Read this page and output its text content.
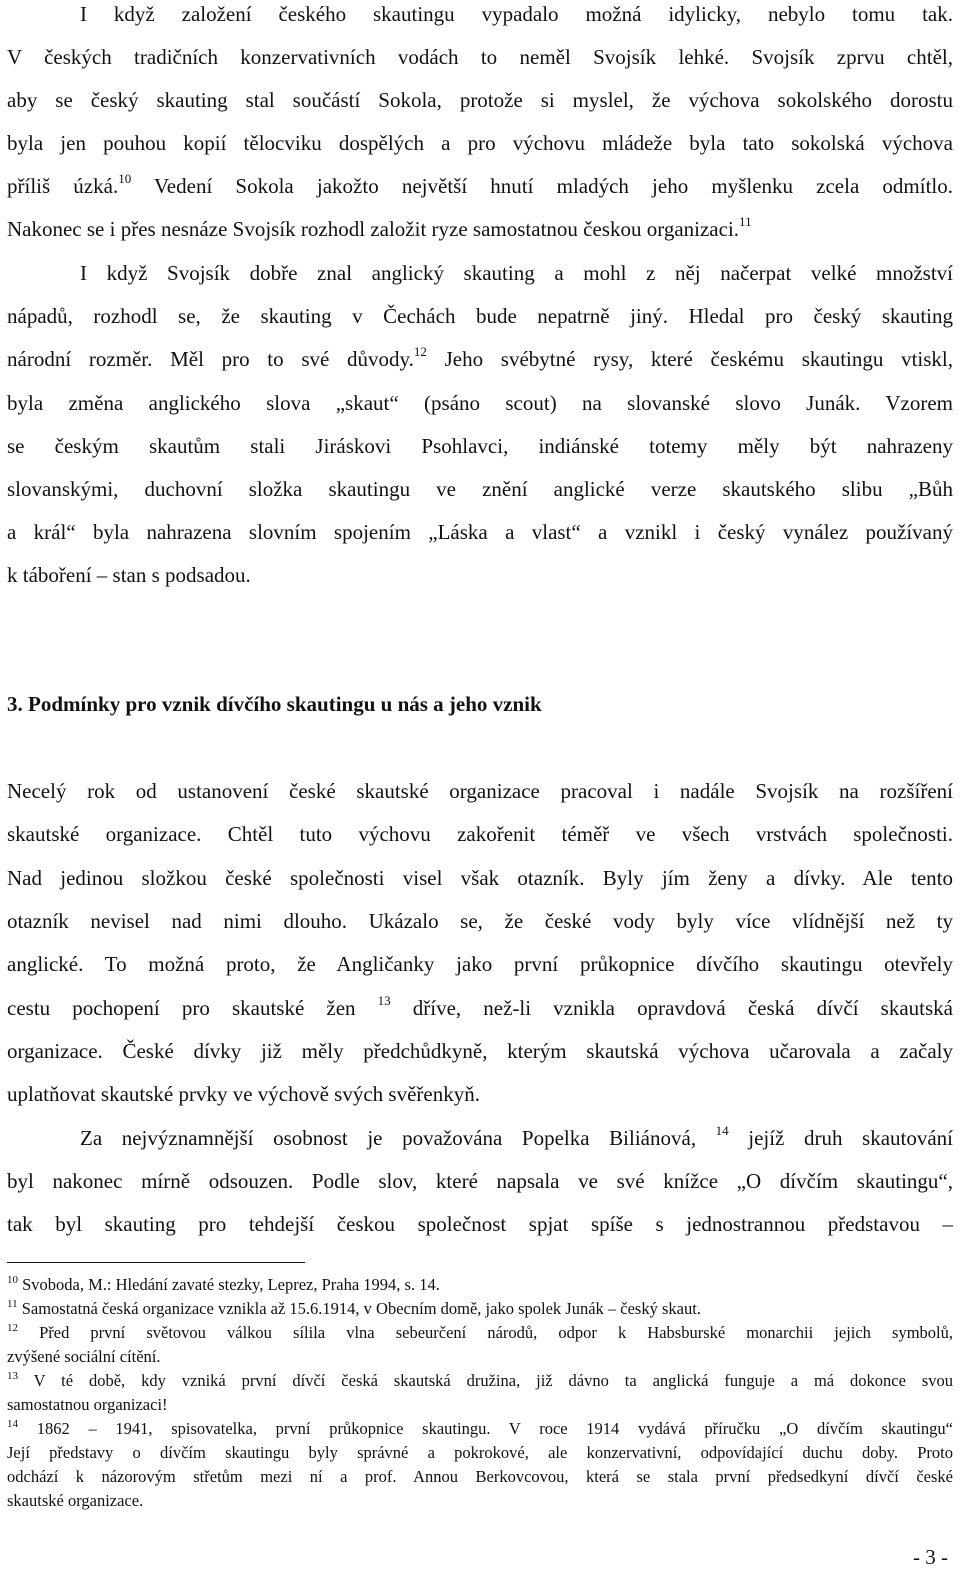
I když založení českého skautingu vypadalo možná idylicky, nebylo tomu tak.
V českých tradičních konzervativních vodách to neměl Svojsík lehké. Svojsík zprvu chtěl,
aby se český skauting stal součástí Sokola, protože si myslel, že výchova sokolského dorostu
byla jen pouhou kopií tělocviku dospělých a pro výchovu mládeže byla tato sokolská výchova
příliš úzká.$^{10}$ Vedení Sokola jakožto největší hnutí mladých jeho myšlenku zcela odmítlo.
Nakonec se i přes nesnáze Svojsík rozhodl založit ryze samostatnou českou organizaci.$^{11}$
I když Svojsík dobře znal anglický skauting a mohl z něj načerpat velké množství
nápadů, rozhodl se, že skauting v Čechách bude nepatrně jiný. Hledal pro český skauting
národní rozměr. Měl pro to své důvody.$^{12}$ Jeho svébytné rysy, které českému skautingu vtiskl,
byla změna anglického slova „skaut“ (psáno scout) na slovanské slovo Junák. Vzorem
se českým skautům stali Jiráskovi Psohlavci, indiánské totemy měly být nahrazeny
slovanskými, duchovní složka skautingu ve znění anglické verze skautského slibu „Bůh
a král“ byla nahrazena slovním spojením „Láska a vlast“ a vznikl i český vynález používaný
k táboření – stan s podsadou.
3. Podmínky pro vznik dívčího skautingu u nás a jeho vznik
Necelý rok od ustanovení české skautské organizace pracoval i nadále Svojsík na rozšíření
skautské organizace. Chtěl tuto výchovu zakořenit téměř ve všech vrstvách společnosti.
Nad jedinou složkou české společnosti visel však otazník. Byly jím ženy a dívky. Ale tento
otazník nevisel nad nimi dlouho. Ukázalo se, že české vody byly více vlídnější než ty
anglické. To možná proto, že Angličanky jako první průkopnice dívčího skautingu otevřely
cestu pochopení pro skautské žen $^{13}$ dříve, než-li vznikla opravdová česká dívčí skautská
organizace. České dívky již měly předchůdkyně, kterým skautská výchova učarovala a začaly
uplatňovat skautské prvky ve výchově svých svěřenkyň.
Za nejvýznamnější osobnost je považována Popelka Biliánová, $^{14}$ jejíž druh skautování
byl nakonec mírně odsouzen. Podle slov, které napsala ve své knížce „O dívčím skautingu“,
tak byl skauting pro tehdejší českou společnost spjat spíše s jednostrannou představou –
$^{10}$ Svoboda, M.: Hledání zavaté stezky, Leprez, Praha 1994, s. 14.
$^{11}$ Samostatná česká organizace vznikla až 15.6.1914, v Obecním domě, jako spolek Junák – český skaut.
$^{12}$ Před první světovou válkou sílila vlna sebeurčení národů, odpor k Habsburské monarchii jejich symbolů,
zvýšené sociální cítění.
$^{13}$ V té době, kdy vzniká první dívčí česká skautská družina, již dávno ta anglická funguje a má dokonce svou
samostatnou organizaci!
$^{14}$ 1862 – 1941, spisovatelka, první průkopnice skautingu. V roce 1914 vydává příručku „O dívčím skautingu“
Její představy o dívčím skautingu byly správné a pokrokové, ale konzervativní, odpovídající duchu doby. Proto
odchází k názorovým střetům mezi ní a prof. Annou Berkovcovou, která se stala první předsedkyní dívčí české
skautské organizace.
- 3 -
